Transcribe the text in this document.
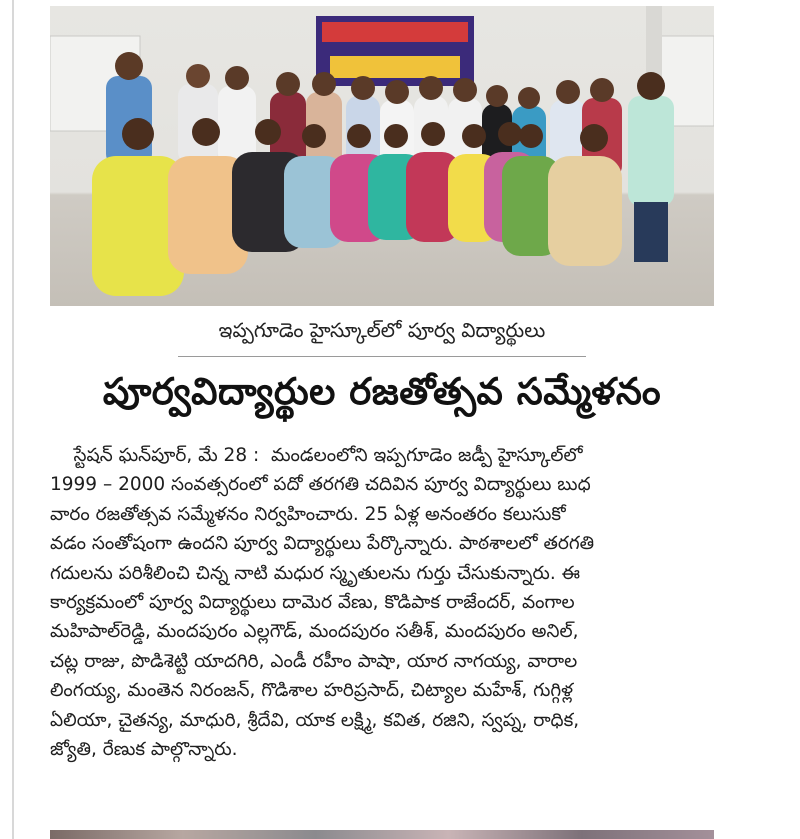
ఇప్పగూడెం హైస్కూల్‌లో పూర్వ విద్యార్థులు
పూర్వవిద్యార్థుల రజతోత్సవ సమ్మేళనం
స్టేషన్ ఘన్‌పూర్, మే 28 :  మండలంలోని ఇప్పగూడెం జడ్పీ హైస్కూల్‌లో
1999 – 2000 సంవత్సరంలో పదో తరగతి చదివిన పూర్వ విద్యార్థులు బుధ
వారం రజతోత్సవ సమ్మేళనం నిర్వహించారు. 25 ఏళ్ల అనంతరం కలుసుకో
వడం సంతోషంగా ఉందని పూర్వ విద్యార్థులు పేర్కొన్నారు. పాఠశాలలో తరగతి
గదులను పరిశీలించి చిన్న నాటి మధుర స్మృతులను గుర్తు చేసుకున్నారు. ఈ
కార్యక్రమంలో పూర్వ విద్యార్థులు దామెర వేణు, కొడిపాక రాజేందర్, వంగాల
మహిపాల్‌రెడ్డి, మందపురం ఎల్లగౌడ్, మందపురం సతీశ్, మందపురం అనిల్,
చట్ల రాజు, పొడిశెట్టి యాదగిరి, ఎండీ రహీం పాషా, యార నాగయ్య, వారాల
లింగయ్య, మంతెన నిరంజన్, గొడిశాల హరిప్రసాద్, చిట్యాల మహేశ్, గుగ్గిళ్ల
ఏలియా, చైతన్య, మాధురి, శ్రీదేవి, యాక లక్ష్మి, కవిత, రజిని, స్వప్న, రాధిక,
జ్యోతి, రేణుక పాల్గొన్నారు.
